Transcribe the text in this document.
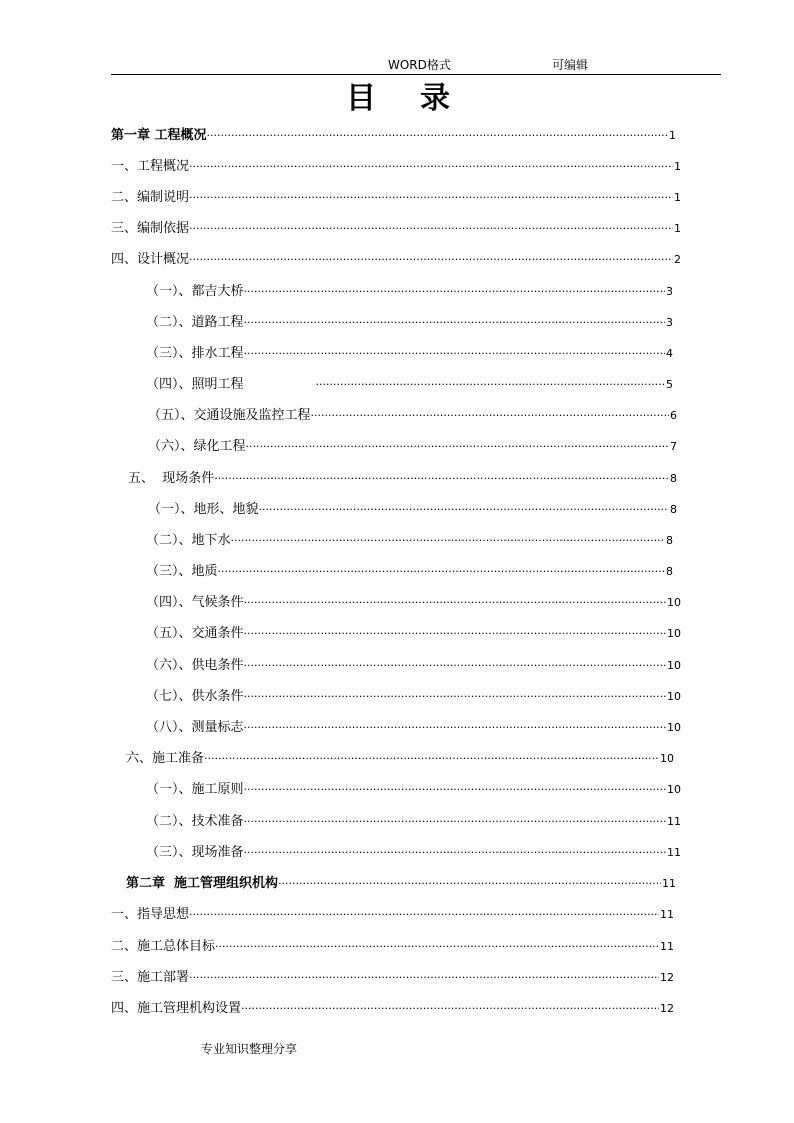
WORD格式	可编辑
目录
第一章 工程概况 ·····	1
一、工程概况 ·····	1
二、编制说明 ·····	1
三、编制依据 ·····	1
四、设计概况 ·····	2
（一）、都吉大桥 ·····	3
（二）、道路工程 ·····	3
（三）、排水工程 ·····	4
（四）、照明工程 ·····	5
（五）、交通设施及监控工程 ·····	6
（六）、绿化工程 ·····	7
五、  现场条件 ·····	8
（一）、地形、地貌 ·····	8
（二）、地下水 ·····	8
（三）、地质 ·····	8
（四）、气候条件 ·····	10
（五）、交通条件 ·····	10
（六）、供电条件 ·····	10
（七）、供水条件 ·····	10
（八）、测量标志 ·····	10
六、施工准备 ·····	10
（一）、施工原则 ·····	10
（二）、技术准备 ·····	11
（三）、现场准备 ·····	11
第二章  施工管理组织机构 ·····	11
一、指导思想 ·····	11
二、施工总体目标 ·····	11
三、施工部署 ·····	12
四、施工管理机构设置 ·····	12
专业知识整理分享
